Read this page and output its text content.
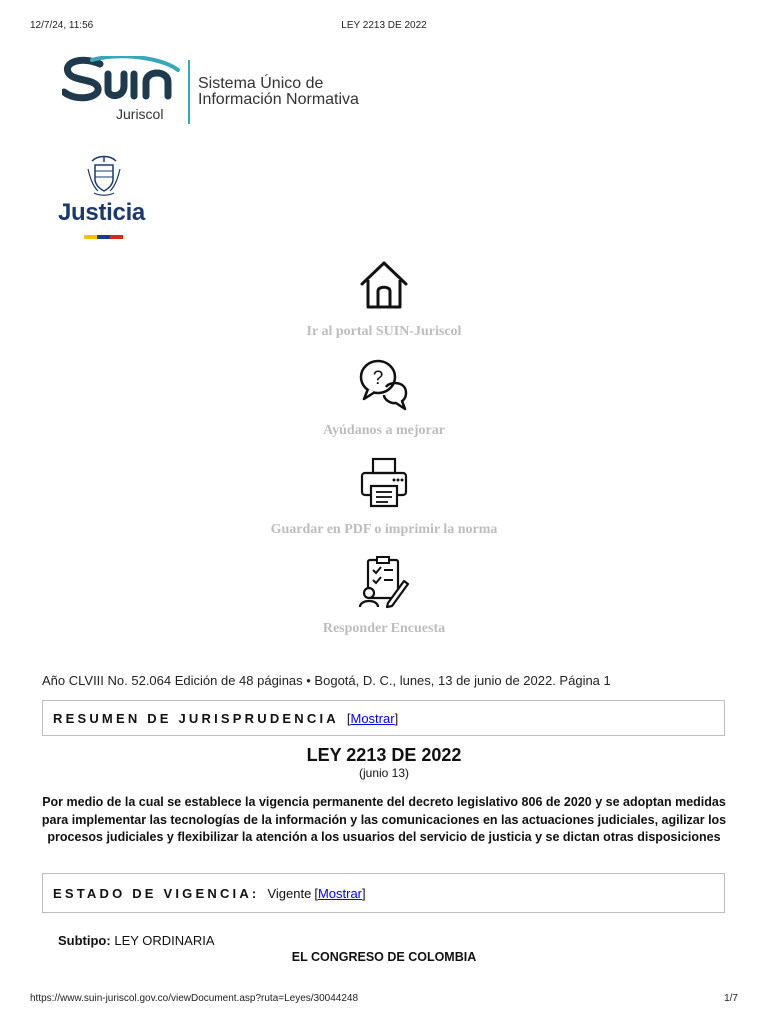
12/7/24, 11:56	LEY 2213 DE 2022
Juriscol
Sistema Único de
Información Normativa
Justicia
Ir al portal SUIN-Juriscol
?
Ayúdanos a mejorar
Guardar en PDF o imprimir la norma
Responder Encuesta
Año CLVIII No. 52.064 Edición de 48 páginas • Bogotá, D. C., lunes, 13 de junio de 2022. Página 1
RESUMEN DE JURISPRUDENCIA [Mostrar]
LEY 2213 DE 2022
(junio 13)
Por medio de la cual se establece la vigencia permanente del decreto legislativo 806 de 2020 y se adoptan medidas para implementar las tecnologías de la información y las comunicaciones en las actuaciones judiciales, agilizar los procesos judiciales y flexibilizar la atención a los usuarios del servicio de justicia y se dictan otras disposiciones
ESTADO DE VIGENCIA: Vigente [Mostrar]
Subtipo: LEY ORDINARIA
EL CONGRESO DE COLOMBIA
https://www.suin-juriscol.gov.co/viewDocument.asp?ruta=Leyes/30044248	1/7
